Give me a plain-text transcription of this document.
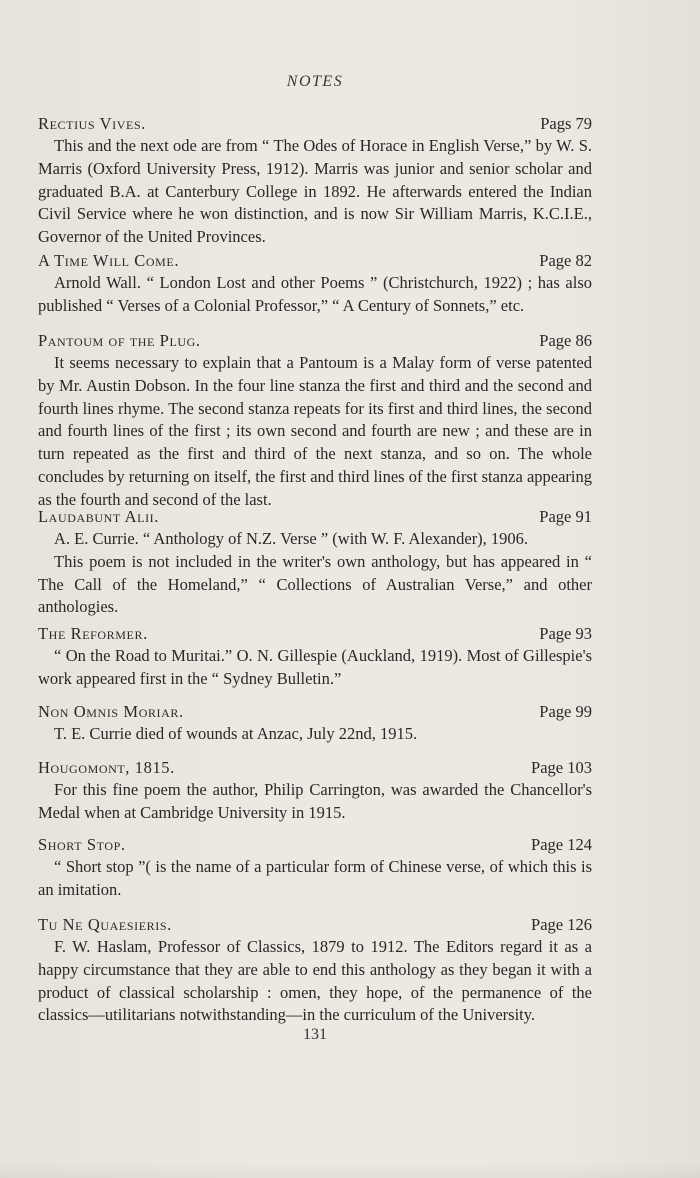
NOTES
Rectius Vives.	Pags 79

This and the next ode are from “ The Odes of Horace in English Verse,” by W. S. Marris (Oxford University Press, 1912). Marris was junior and senior scholar and graduated B.A. at Canterbury College in 1892. He afterwards entered the Indian Civil Service where he won distinction, and is now Sir William Marris, K.C.I.E., Governor of the United Provinces.

A Time Will Come.	Page 82

Arnold Wall. “ London Lost and other Poems ” (Christchurch, 1922) ; has also published “ Verses of a Colonial Professor,” “ A Century of Sonnets,” etc.

Pantoum of the Plug.	Page 86

It seems necessary to explain that a Pantoum is a Malay form of verse patented by Mr. Austin Dobson. In the four line stanza the first and third and the second and fourth lines rhyme. The second stanza repeats for its first and third lines, the second and fourth lines of the first ; its own second and fourth are new ; and these are in turn repeated as the first and third of the next stanza, and so on. The whole concludes by returning on itself, the first and third lines of the first stanza appearing as the fourth and second of the last.

Laudabunt Alii.	Page 91

A. E. Currie. “ Anthology of N.Z. Verse ” (with W. F. Alexander), 1906.

This poem is not included in the writer's own anthology, but has appeared in “ The Call of the Homeland,” “ Collections of Australian Verse,” and other anthologies.

The Reformer.	Page 93

“ On the Road to Muritai.” O. N. Gillespie (Auckland, 1919). Most of Gillespie's work appeared first in the “ Sydney Bulletin.”

Non Omnis Moriar.	Page 99

T. E. Currie died of wounds at Anzac, July 22nd, 1915.

Hougomont, 1815.	Page 103

For this fine poem the author, Philip Carrington, was awarded the Chancellor's Medal when at Cambridge University in 1915.

Short Stop.	Page 124

“ Short stop ”( is the name of a particular form of Chinese verse, of which this is an imitation.

Tu Ne Quaesieris.	Page 126

F. W. Haslam, Professor of Classics, 1879 to 1912. The Editors regard it as a happy circumstance that they are able to end this anthology as they began it with a product of classical scholarship : omen, they hope, of the permanence of the classics—utilitarians notwithstanding—in the curriculum of the University.

131
